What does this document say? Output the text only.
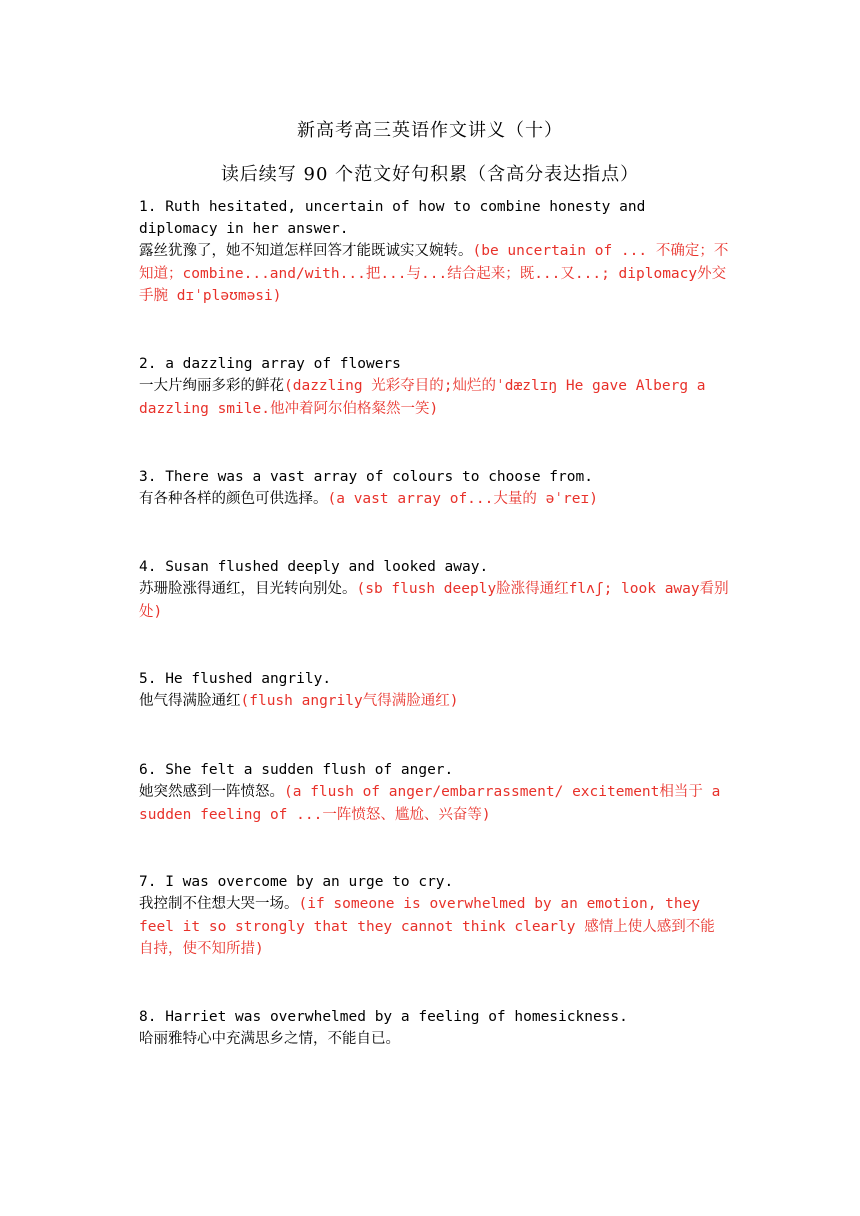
新高考高三英语作文讲义（十）
读后续写 90 个范文好句积累（含高分表达指点）
1. Ruth hesitated, uncertain of how to combine honesty and diplomacy in her answer.
露丝犹豫了，她不知道怎样回答才能既诚实又婉转。(be uncertain of ... 不确定；不知道；combine...and/with...把...与...结合起来；既...又...; diplomacy外交手腕 dɪˈpləʊməsi)
2. a dazzling array of flowers
一大片绚丽多彩的鲜花(dazzling 光彩夺目的;灿烂的ˈdæzlɪŋ He gave Alberg a dazzling smile.他冲着阿尔伯格粲然一笑)
3. There was a vast array of colours to choose from.
有各种各样的颜色可供选择。(a vast array of...大量的 əˈreɪ)
4. Susan flushed deeply and looked away.
苏珊脸涨得通红，目光转向别处。(sb flush deeply脸涨得通红flʌʃ; look away看别处)
5. He flushed angrily.
他气得满脸通红(flush angrily气得满脸通红)
6. She felt a sudden flush of anger.
她突然感到一阵愤怒。(a flush of anger/embarrassment/ excitement相当于 a sudden feeling of ...一阵愤怒、尴尬、兴奋等)
7. I was overcome by an urge to cry.
我控制不住想大哭一场。(if someone is overwhelmed by an emotion, they feel it so strongly that they cannot think clearly 感情上使人感到不能自持，使不知所措)
8. Harriet was overwhelmed by a feeling of homesickness.
哈丽雅特心中充满思乡之情，不能自已。
